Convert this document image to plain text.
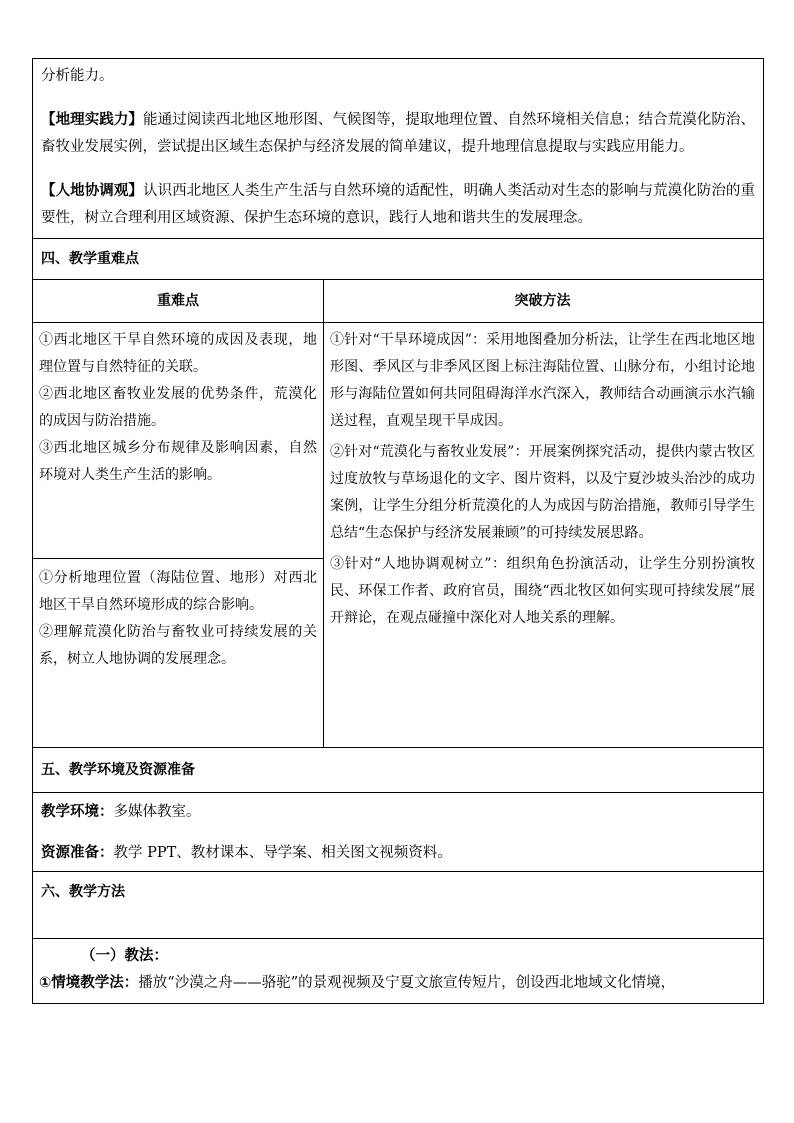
分析能力。

【地理实践力】能通过阅读西北地区地形图、气候图等，提取地理位置、自然环境相关信息；结合荒漠化防治、畜牧业发展实例，尝试提出区域生态保护与经济发展的简单建议，提升地理信息提取与实践应用能力。

【人地协调观】认识西北地区人类生产生活与自然环境的适配性，明确人类活动对生态的影响与荒漠化防治的重要性，树立合理利用区域资源、保护生态环境的意识，践行人地和谐共生的发展理念。

四、教学重难点
重难点	突破方法

①西北地区干旱自然环境的成因及表现，地理位置与自然特征的关联。

②西北地区畜牧业发展的优势条件，荒漠化的成因与防治措施。

③西北地区城乡分布规律及影响因素，自然环境对人类生产生活的影响。

①分析地理位置（海陆位置、地形）对西北地区干旱自然环境形成的综合影响。

②理解荒漠化防治与畜牧业可持续发展的关系，树立人地协调的发展理念。

①针对“干旱环境成因”：采用地图叠加分析法，让学生在西北地区地形图、季风区与非季风区图上标注海陆位置、山脉分布，小组讨论地形与海陆位置如何共同阻碍海洋水汽深入，教师结合动画演示水汽输送过程，直观呈现干旱成因。

②针对“荒漠化与畜牧业发展”：开展案例探究活动，提供内蒙古牧区过度放牧与草场退化的文字、图片资料，以及宁夏沙坡头治沙的成功案例，让学生分组分析荒漠化的人为成因与防治措施，教师引导学生总结“生态保护与经济发展兼顾”的可持续发展思路。

③针对“人地协调观树立”：组织角色扮演活动，让学生分别扮演牧民、环保工作者、政府官员，围绕“西北牧区如何实现可持续发展”展开辩论，在观点碰撞中深化对人地关系的理解。

五、教学环境及资源准备

教学环境：多媒体教室。

资源准备：教学 PPT、教材课本、导学案、相关图文视频资料。

六、教学方法

（一）教法：

①情境教学法：播放“沙漠之舟——骆驼”的景观视频及宁夏文旅宣传短片，创设西北地域文化情境，
